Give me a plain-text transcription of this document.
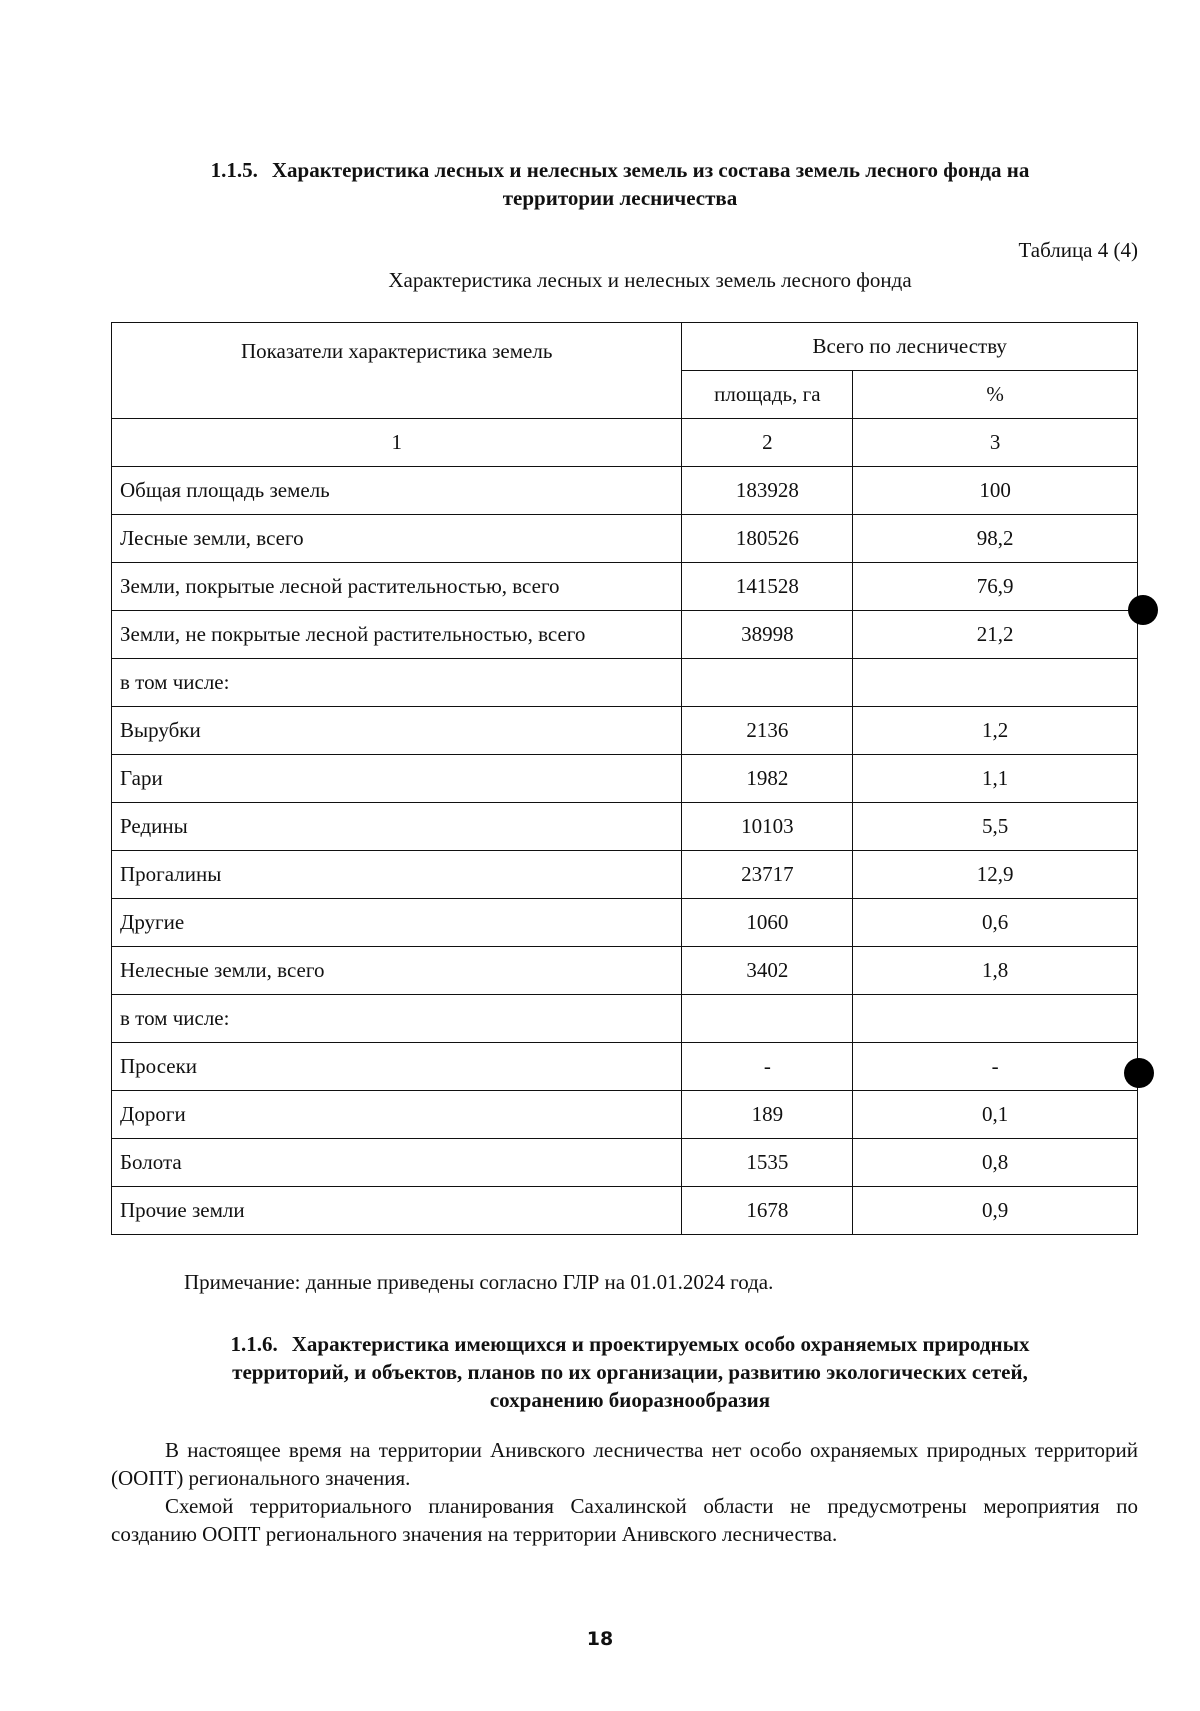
1.1.5. Характеристика лесных и нелесных земель из состава земель лесного фонда на
территории лесничества
Таблица 4 (4)
Характеристика лесных и нелесных земель лесного фонда
Показатели характеристика земель	Всего по лесничеству	
	площадь, га	%
1	2	3
Общая площадь земель	183928	100
Лесные земли, всего	180526	98,2
Земли, покрытые лесной растительностью, всего	141528	76,9
Земли, не покрытые лесной растительностью, всего	38998	21,2
в том числе:		
Вырубки	2136	1,2
Гари	1982	1,1
Редины	10103	5,5
Прогалины	23717	12,9
Другие	1060	0,6
Нелесные земли, всего	3402	1,8
в том числе:		
Просеки	-	-
Дороги	189	0,1
Болота	1535	0,8
Прочие земли	1678	0,9
Примечание: данные приведены согласно ГЛР на 01.01.2024 года.
1.1.6. Характеристика имеющихся и проектируемых особо охраняемых природных
территорий, и объектов, планов по их организации, развитию экологических сетей,
сохранению биоразнообразия
В настоящее время на территории Анивского лесничества нет особо охраняемых природных территорий (ООПТ) регионального значения.
Схемой территориального планирования Сахалинской области не предусмотрены мероприятия по созданию ООПТ регионального значения на территории Анивского лесничества.
18
